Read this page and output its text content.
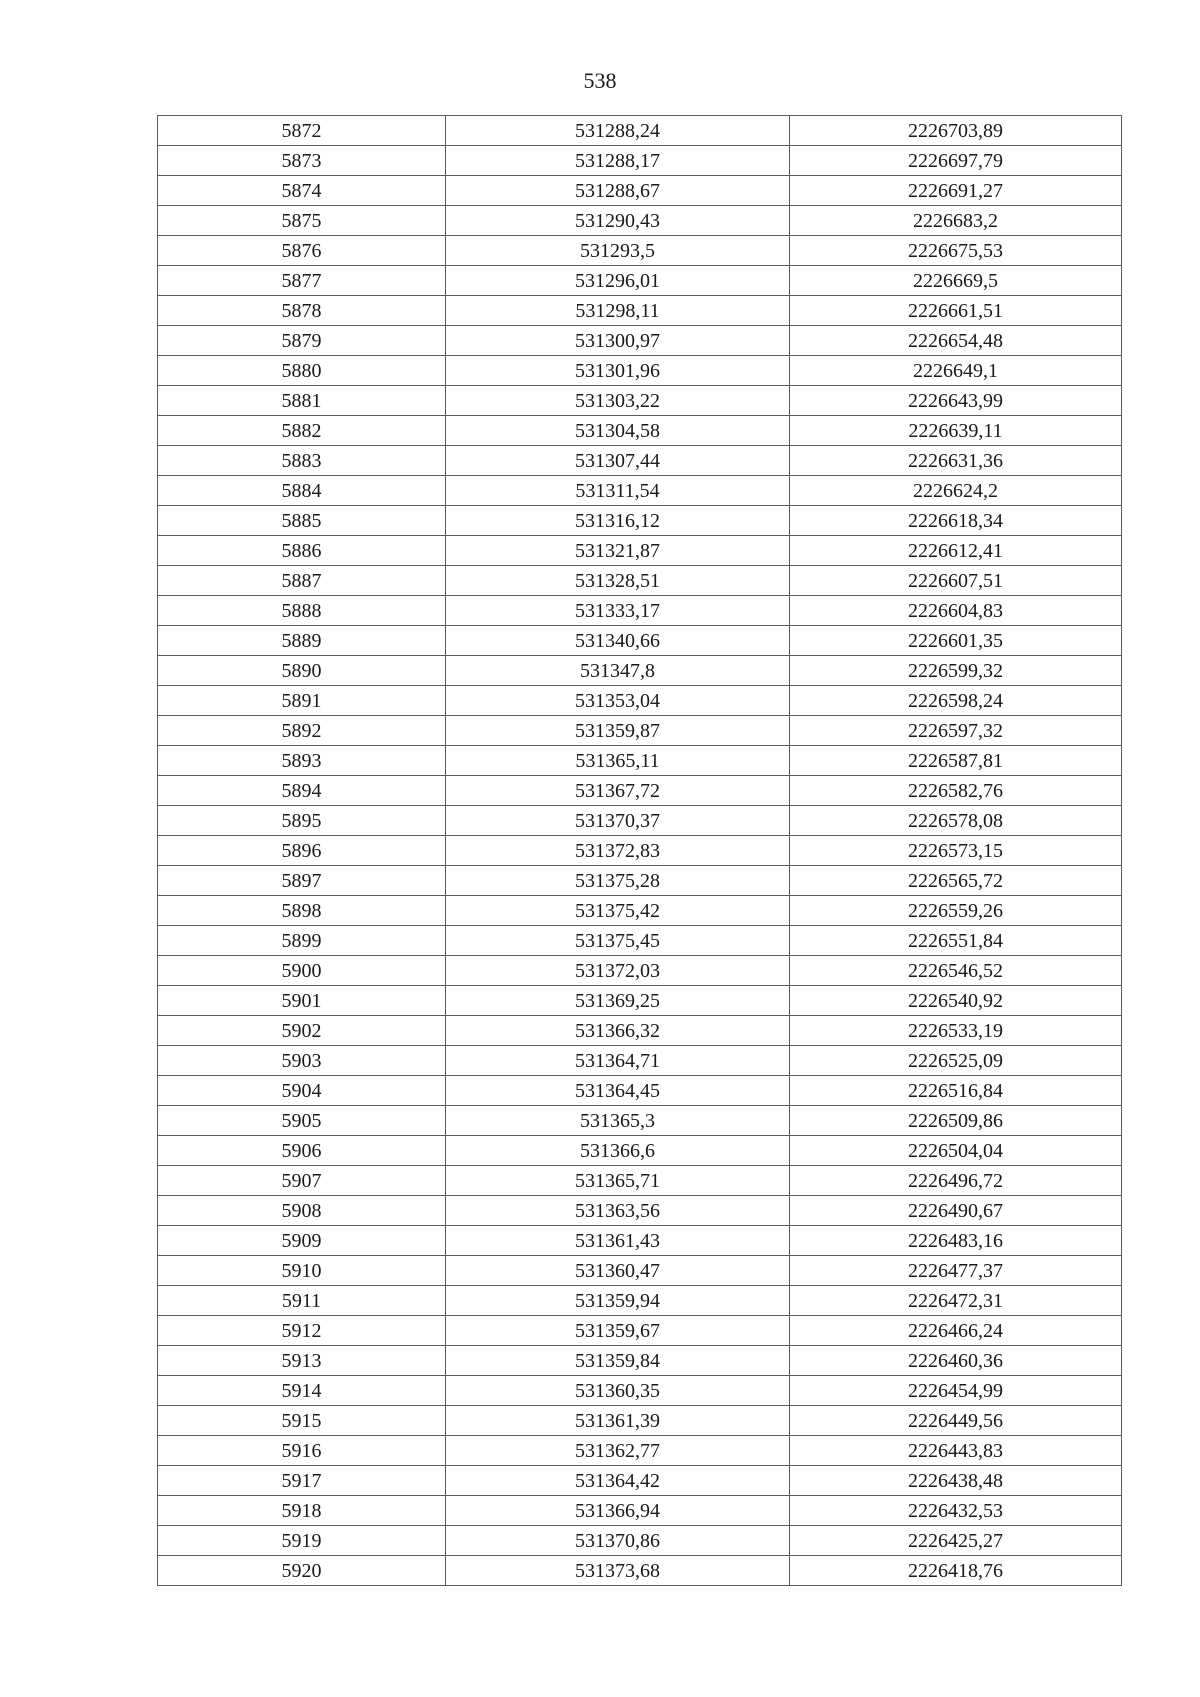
538
5872	531288,24	2226703,89
5873	531288,17	2226697,79
5874	531288,67	2226691,27
5875	531290,43	2226683,2
5876	531293,5	2226675,53
5877	531296,01	2226669,5
5878	531298,11	2226661,51
5879	531300,97	2226654,48
5880	531301,96	2226649,1
5881	531303,22	2226643,99
5882	531304,58	2226639,11
5883	531307,44	2226631,36
5884	531311,54	2226624,2
5885	531316,12	2226618,34
5886	531321,87	2226612,41
5887	531328,51	2226607,51
5888	531333,17	2226604,83
5889	531340,66	2226601,35
5890	531347,8	2226599,32
5891	531353,04	2226598,24
5892	531359,87	2226597,32
5893	531365,11	2226587,81
5894	531367,72	2226582,76
5895	531370,37	2226578,08
5896	531372,83	2226573,15
5897	531375,28	2226565,72
5898	531375,42	2226559,26
5899	531375,45	2226551,84
5900	531372,03	2226546,52
5901	531369,25	2226540,92
5902	531366,32	2226533,19
5903	531364,71	2226525,09
5904	531364,45	2226516,84
5905	531365,3	2226509,86
5906	531366,6	2226504,04
5907	531365,71	2226496,72
5908	531363,56	2226490,67
5909	531361,43	2226483,16
5910	531360,47	2226477,37
5911	531359,94	2226472,31
5912	531359,67	2226466,24
5913	531359,84	2226460,36
5914	531360,35	2226454,99
5915	531361,39	2226449,56
5916	531362,77	2226443,83
5917	531364,42	2226438,48
5918	531366,94	2226432,53
5919	531370,86	2226425,27
5920	531373,68	2226418,76
